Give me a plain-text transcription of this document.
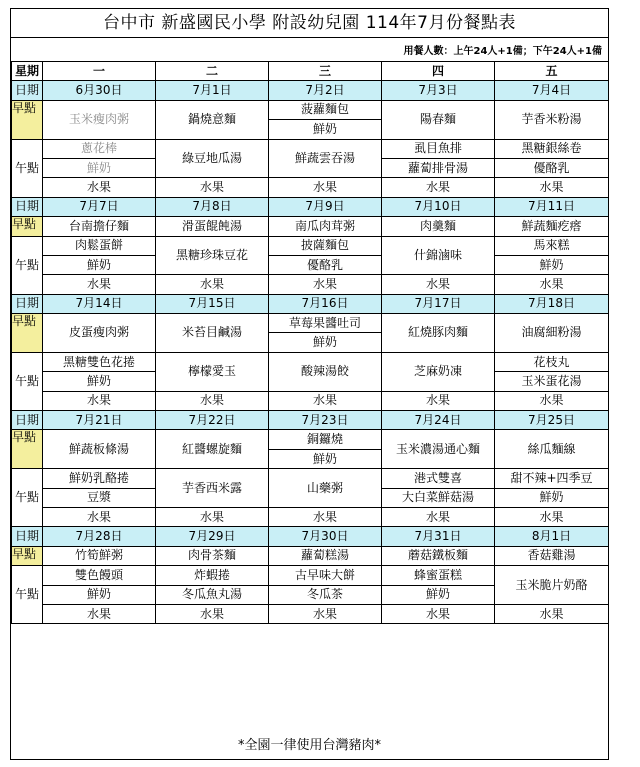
台中市 新盛國民小學 附設幼兒園 114年7月份餐點表
用餐人數：上午24人+1備；下午24人+1備
星期	一	二	三	四	五
日期	6月30日	7月1日	7月2日	7月3日	7月4日
早點	玉米瘦肉粥	鍋燒意麵	菠蘿麵包	陽春麵	芋香米粉湯
			鮮奶		
午點	蔥花棒	綠豆地瓜湯	鮮蔬雲吞湯	虱目魚排	黑糖銀絲卷
	鮮奶			蘿蔔排骨湯	優酪乳
	水果	水果	水果	水果	水果
日期	7月7日	7月8日	7月9日	7月10日	7月11日
早點	台南擔仔麵	滑蛋餛飩湯	南瓜肉茸粥	肉羹麵	鮮蔬麵疙瘩
午點	肉鬆蛋餅	黑糖珍珠豆花	披薩麵包	什錦滷味	馬來糕
	鮮奶		優酪乳		鮮奶
	水果	水果	水果	水果	水果
日期	7月14日	7月15日	7月16日	7月17日	7月18日
早點	皮蛋瘦肉粥	米苔目鹹湯	草莓果醬吐司	紅燒豚肉麵	油腐細粉湯
			鮮奶		
午點	黑糖雙色花捲	檸檬愛玉	酸辣湯餃	芝麻奶凍	花枝丸
	鮮奶				玉米蛋花湯
	水果	水果	水果	水果	水果
日期	7月21日	7月22日	7月23日	7月24日	7月25日
早點	鮮蔬板條湯	紅醬螺旋麵	銅鑼燒	玉米濃湯通心麵	絲瓜麵線
			鮮奶		
午點	鮮奶乳酪捲	芋香西米露	山藥粥	港式雙喜	甜不辣+四季豆
	豆漿			大白菜鮮菇湯	鮮奶
	水果	水果	水果	水果	水果
日期	7月28日	7月29日	7月30日	7月31日	8月1日
早點	竹筍鮮粥	肉骨茶麵	蘿蔔糕湯	蘑菇鐵板麵	香菇雞湯
午點	雙色饅頭	炸蝦捲	古早味大餅	蜂蜜蛋糕	玉米脆片奶酪
	鮮奶	冬瓜魚丸湯	冬瓜茶	鮮奶	
	水果	水果	水果	水果	水果
*全園一律使用台灣豬肉*
